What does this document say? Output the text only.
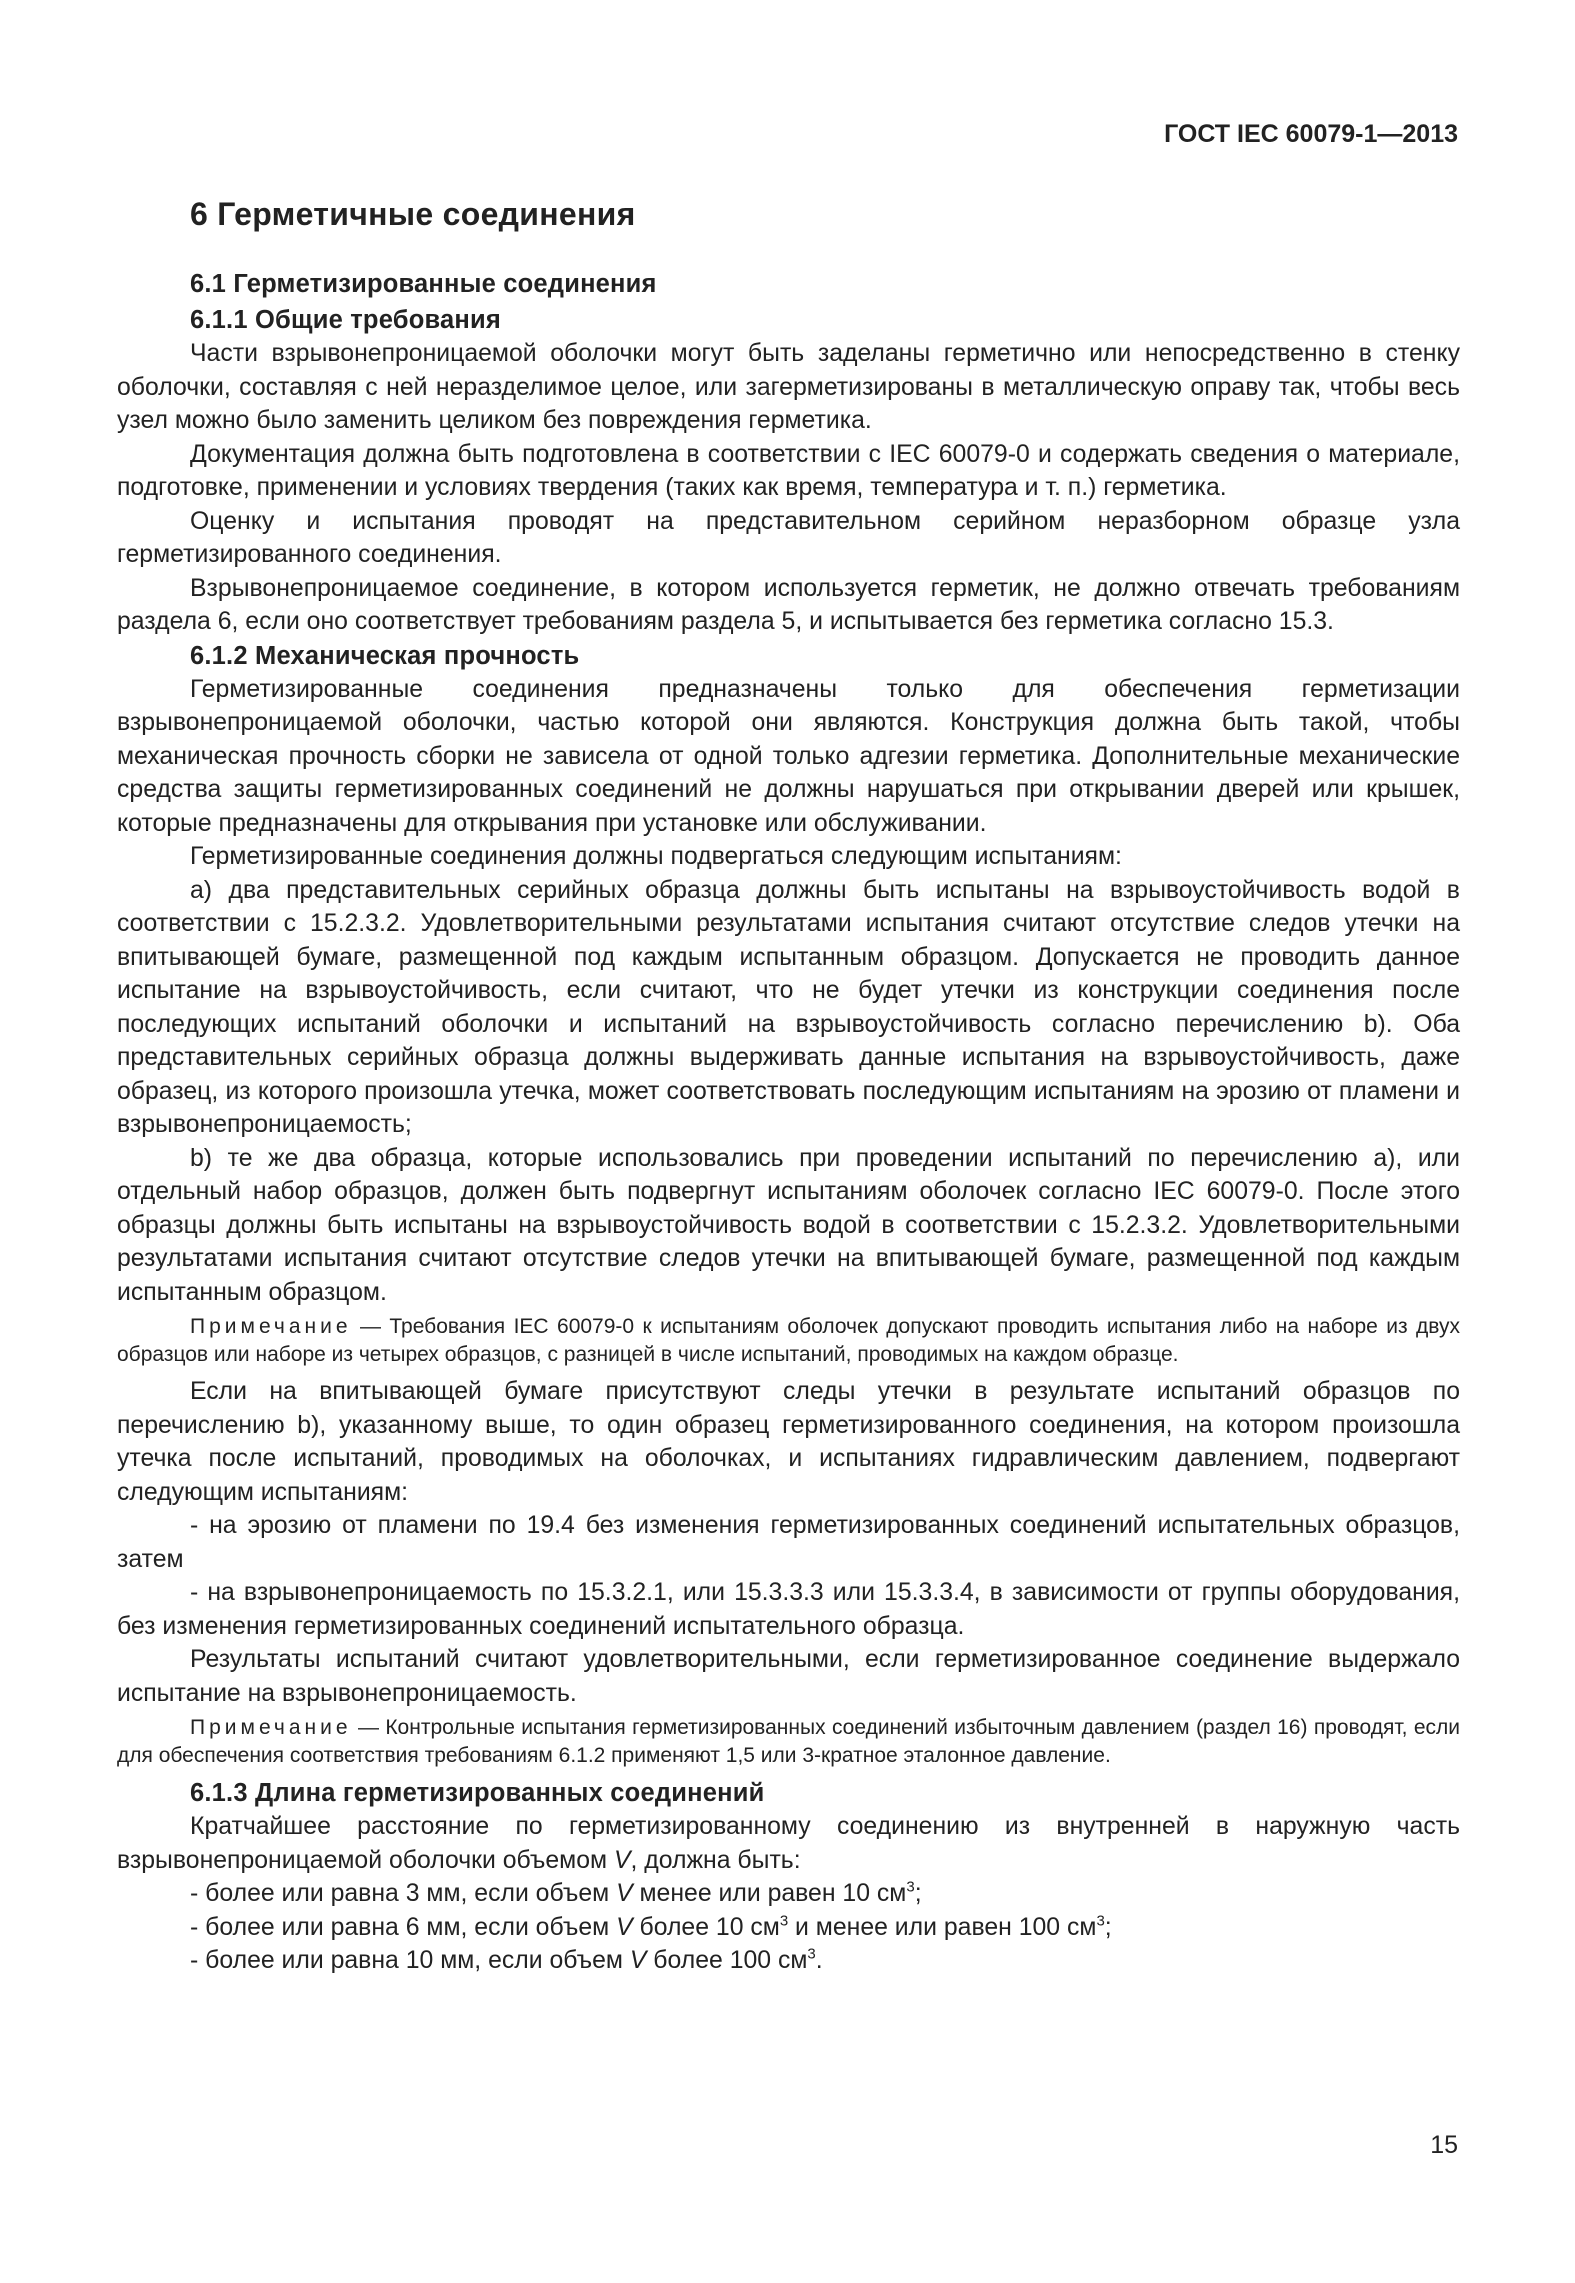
ГОСТ IEC 60079-1—2013
6 Герметичные соединения
6.1 Герметизированные соединения
6.1.1 Общие требования

Части взрывонепроницаемой оболочки могут быть заделаны герметично или непосредственно в стенку оболочки, составляя с ней неразделимое целое, или загерметизированы в металлическую оправу так, чтобы весь узел можно было заменить целиком без повреждения герметика.

Документация должна быть подготовлена в соответствии с IEC 60079-0 и содержать сведения о материале, подготовке, применении и условиях твердения (таких как время, температура и т. п.) герметика.

Оценку и испытания проводят на представительном серийном неразборном образце узла герметизированного соединения.

Взрывонепроницаемое соединение, в котором используется герметик, не должно отвечать требованиям раздела 6, если оно соответствует требованиям раздела 5, и испытывается без герметика согласно 15.3.

6.1.2 Механическая прочность

Герметизированные соединения предназначены только для обеспечения герметизации взрывонепроницаемой оболочки, частью которой они являются. Конструкция должна быть такой, чтобы механическая прочность сборки не зависела от одной только адгезии герметика. Дополнительные механические средства защиты герметизированных соединений не должны нарушаться при открывании дверей или крышек, которые предназначены для открывания при установке или обслуживании.

Герметизированные соединения должны подвергаться следующим испытаниям:

а) два представительных серийных образца должны быть испытаны на взрывоустойчивость водой в соответствии с 15.2.3.2. Удовлетворительными результатами испытания считают отсутствие следов утечки на впитывающей бумаге, размещенной под каждым испытанным образцом. Допускается не проводить данное испытание на взрывоустойчивость, если считают, что не будет утечки из конструкции соединения после последующих испытаний оболочки и испытаний на взрывоустойчивость согласно перечислению b). Оба представительных серийных образца должны выдерживать данные испытания на взрывоустойчивость, даже образец, из которого произошла утечка, может соответствовать последующим испытаниям на эрозию от пламени и взрывонепроницаемость;

b) те же два образца, которые использовались при проведении испытаний по перечислению а), или отдельный набор образцов, должен быть подвергнут испытаниям оболочек согласно IEC 60079-0. После этого образцы должны быть испытаны на взрывоустойчивость водой в соответствии с 15.2.3.2. Удовлетворительными результатами испытания считают отсутствие следов утечки на впитывающей бумаге, размещенной под каждым испытанным образцом.

Примечание — Требования IEC 60079-0 к испытаниям оболочек допускают проводить испытания либо на наборе из двух образцов или наборе из четырех образцов, с разницей в числе испытаний, проводимых на каждом образце.

Если на впитывающей бумаге присутствуют следы утечки в результате испытаний образцов по перечислению b), указанному выше, то один образец герметизированного соединения, на котором произошла утечка после испытаний, проводимых на оболочках, и испытаниях гидравлическим давлением, подвергают следующим испытаниям:

- на эрозию от пламени по 19.4 без изменения герметизированных соединений испытательных образцов, затем

- на взрывонепроницаемость по 15.3.2.1, или 15.3.3.3 или 15.3.3.4, в зависимости от группы оборудования, без изменения герметизированных соединений испытательного образца.

Результаты испытаний считают удовлетворительными, если герметизированное соединение выдержало испытание на взрывонепроницаемость.

Примечание — Контрольные испытания герметизированных соединений избыточным давлением (раздел 16) проводят, если для обеспечения соответствия требованиям 6.1.2 применяют 1,5 или 3-кратное эталонное давление.

6.1.3 Длина герметизированных соединений

Кратчайшее расстояние по герметизированному соединению из внутренней в наружную часть взрывонепроницаемой оболочки объемом V, должна быть:

- более или равна 3 мм, если объем V менее или равен 10 $см^3$;

- более или равна 6 мм, если объем V более 10 $см^3$ и менее или равен 100 $см^3$;

- более или равна 10 мм, если объем V более 100 $см^3$.

15
